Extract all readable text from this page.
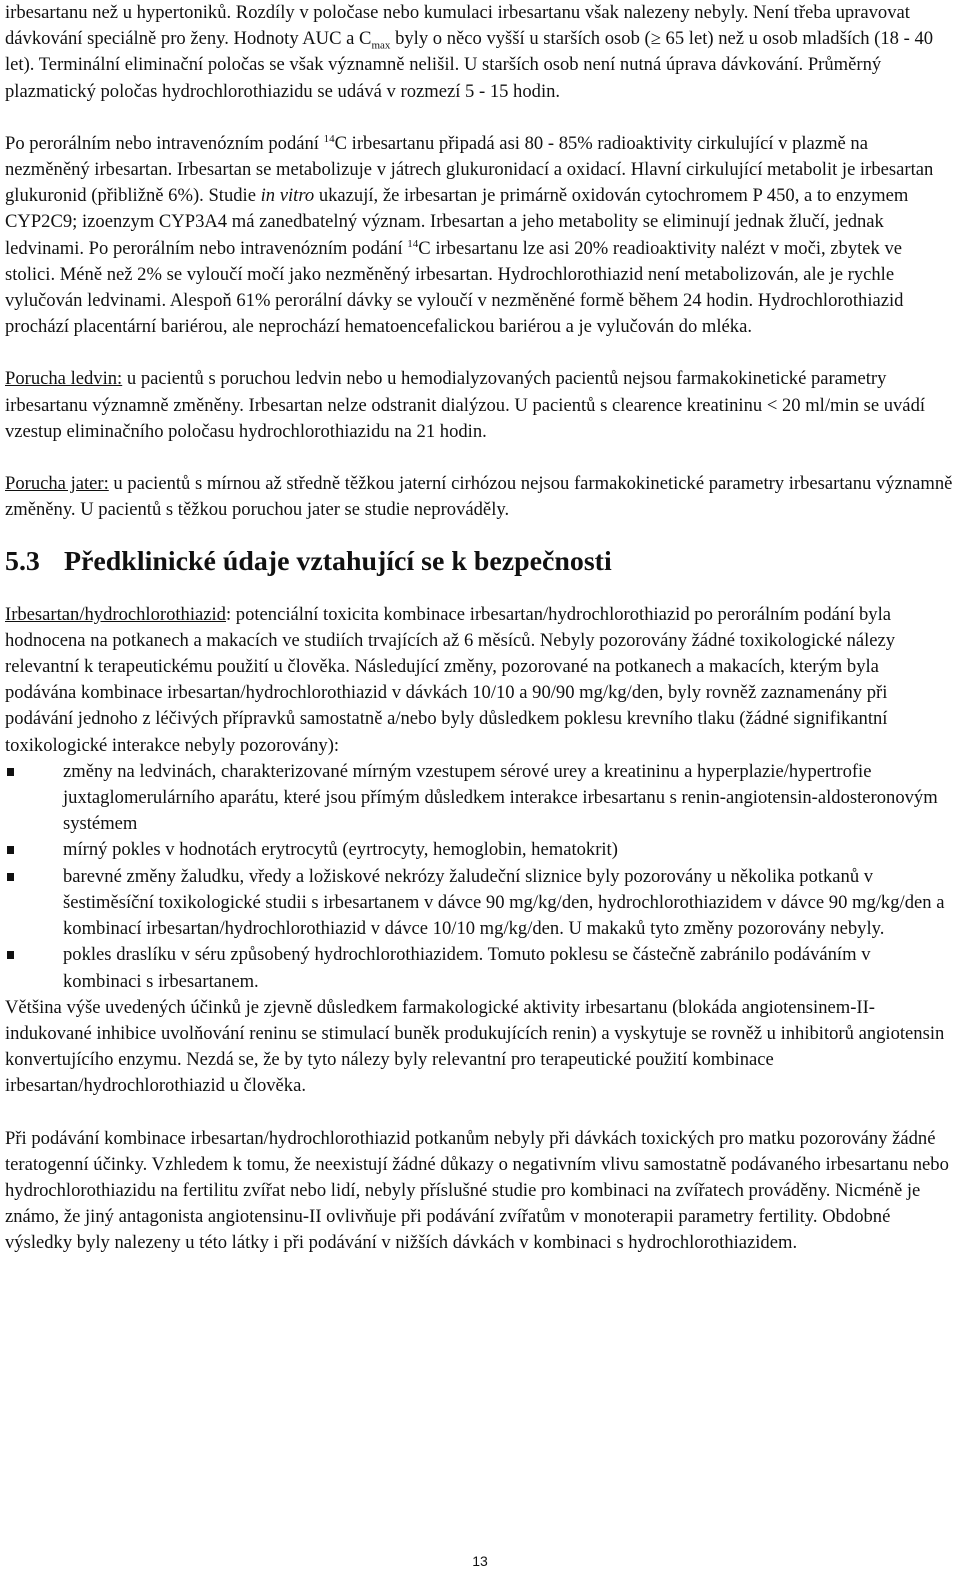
irbesartanu než u hypertoniků. Rozdíly v poločase nebo kumulaci irbesartanu však nalezeny nebyly. Není třeba upravovat dávkování speciálně pro ženy. Hodnoty AUC a $C_{max}$ byly o něco vyšší u starších osob (≥ 65 let) než u osob mladších (18 - 40 let). Terminální eliminační poločas se však významně nelišil. U starších osob není nutná úprava dávkování. Průměrný plazmatický poločas hydrochlorothiazidu se udává v rozmezí 5 - 15 hodin.

Po perorálním nebo intravenózním podání $^{14}$C irbesartanu připadá asi 80 - 85% radioaktivity cirkulující v plazmě na nezměněný irbesartan. Irbesartan se metabolizuje v játrech glukuronidací a oxidací. Hlavní cirkulující metabolit je irbesartan glukuronid (přibližně 6%). Studie in vitro ukazují, že irbesartan je primárně oxidován cytochromem P 450, a to enzymem CYP2C9; izoenzym CYP3A4 má zanedbatelný význam. Irbesartan a jeho metabolity se eliminují jednak žlučí, jednak ledvinami. Po perorálním nebo intravenózním podání $^{14}$C irbesartanu lze asi 20% readioaktivity nalézt v moči, zbytek ve stolici. Méně než 2% se vyloučí močí jako nezměněný irbesartan. Hydrochlorothiazid není metabolizován, ale je rychle vylučován ledvinami. Alespoň 61% perorální dávky se vyloučí v nezměněné formě během 24 hodin. Hydrochlorothiazid prochází placentární bariérou, ale neprochází hematoencefalickou bariérou a je vylučován do mléka.

Porucha ledvin: u pacientů s poruchou ledvin nebo u hemodialyzovaných pacientů nejsou farmakokinetické parametry irbesartanu významně změněny. Irbesartan nelze odstranit dialýzou. U pacientů s clearence kreatininu < 20 ml/min se uvádí vzestup eliminačního poločasu hydrochlorothiazidu na 21 hodin.

Porucha jater: u pacientů s mírnou až středně těžkou jaterní cirhózou nejsou farmakokinetické parametry irbesartanu významně změněny. U pacientů s těžkou poruchou jater se studie neprováděly.

5.3 Předklinické údaje vztahující se k bezpečnosti

Irbesartan/hydrochlorothiazid: potenciální toxicita kombinace irbesartan/hydrochlorothiazid po perorálním podání byla hodnocena na potkanech a makacích ve studiích trvajících až 6 měsíců. Nebyly pozorovány žádné toxikologické nálezy relevantní k terapeutickému použití u člověka. Následující změny, pozorované na potkanech a makacích, kterým byla podávána kombinace irbesartan/hydrochlorothiazid v dávkách 10/10 a 90/90 mg/kg/den, byly rovněž zaznamenány při podávání jednoho z léčivých přípravků samostatně a/nebo byly důsledkem poklesu krevního tlaku (žádné signifikantní toxikologické interakce nebyly pozorovány):

změny na ledvinách, charakterizované mírným vzestupem sérové urey a kreatininu a hyperplazie/hypertrofie juxtaglomerulárního aparátu, které jsou přímým důsledkem interakce irbesartanu s renin-angiotensin-aldosteronovým systémem
mírný pokles v hodnotách erytrocytů (eyrtrocyty, hemoglobin, hematokrit)
barevné změny žaludku, vředy a ložiskové nekrózy žaludeční sliznice byly pozorovány u několika potkanů v šestiměsíční toxikologické studii s irbesartanem v dávce 90 mg/kg/den, hydrochlorothiazidem v dávce 90 mg/kg/den a kombinací irbesartan/hydrochlorothiazid v dávce 10/10 mg/kg/den. U makaků tyto změny pozorovány nebyly.
pokles draslíku v séru způsobený hydrochlorothiazidem. Tomuto poklesu se částečně zabránilo podáváním v kombinaci s irbesartanem.

Většina výše uvedených účinků je zjevně důsledkem farmakologické aktivity irbesartanu (blokáda angiotensinem-II-indukované inhibice uvolňování reninu se stimulací buněk produkujících renin) a vyskytuje se rovněž u inhibitorů angiotensin konvertujícího enzymu. Nezdá se, že by tyto nálezy byly relevantní pro terapeutické použití kombinace irbesartan/hydrochlorothiazid u člověka.

Při podávání kombinace irbesartan/hydrochlorothiazid potkanům nebyly při dávkách toxických pro matku pozorovány žádné teratogenní účinky. Vzhledem k tomu, že neexistují žádné důkazy o negativním vlivu samostatně podávaného irbesartanu nebo hydrochlorothiazidu na fertilitu zvířat nebo lidí, nebyly příslušné studie pro kombinaci na zvířatech prováděny. Nicméně je známo, že jiný antagonista angiotensinu-II ovlivňuje při podávání zvířatům v monoterapii parametry fertility. Obdobné výsledky byly nalezeny u této látky i při podávání v nižších dávkách v kombinaci s hydrochlorothiazidem.

13
